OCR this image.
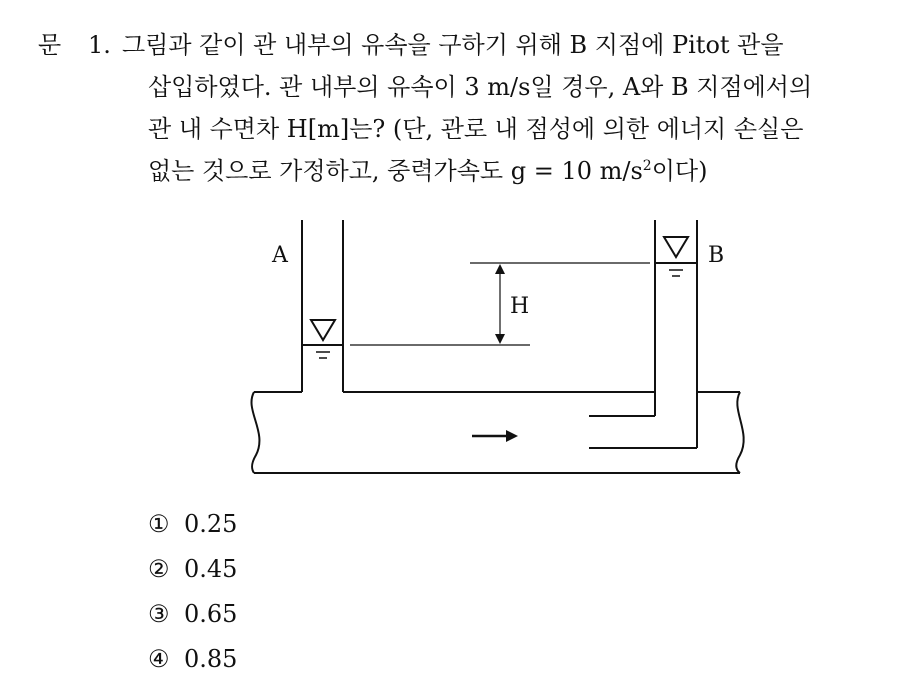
문 1. 그림과 같이 관 내부의 유속을 구하기 위해 B 지점에 Pitot 관을
삽입하였다. 관 내부의 유속이 3 m/s일 경우, A와 B 지점에서의
관 내 수면차 H[m]는? (단, 관로 내 점성에 의한 에너지 손실은
없는 것으로 가정하고, 중력가속도 g = 10 $m/s^2$이다)
A	B
H
① 0.25
② 0.45
③ 0.65
④ 0.85
